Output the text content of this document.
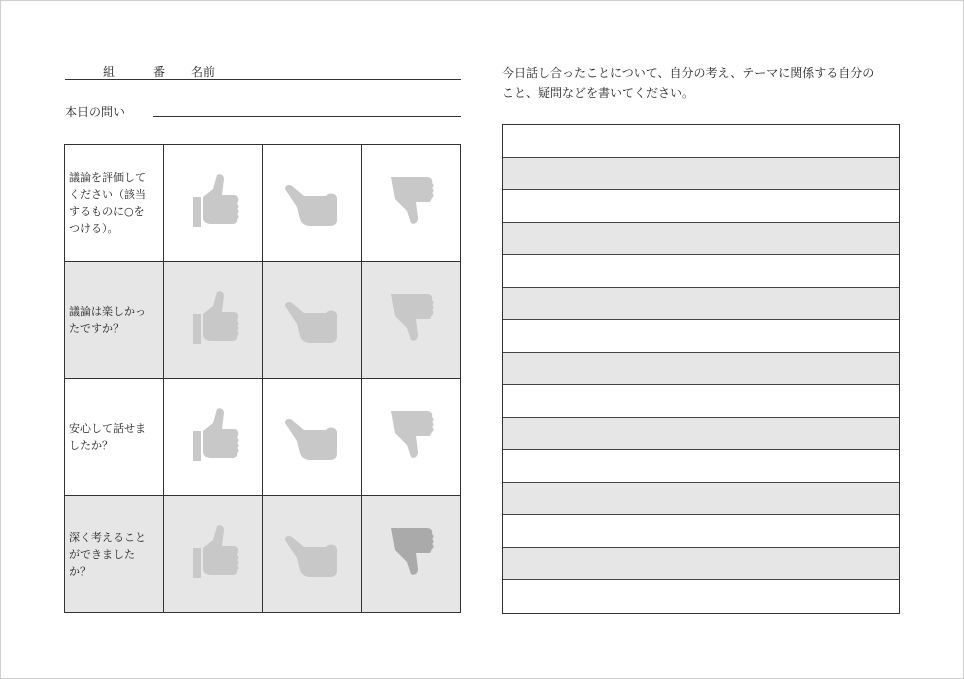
組	番 名前
本日の問い
議論を評価して
ください（該当
するものに○を
つける）。

議論は楽しかっ
たですか？

安心して話せま
したか？

深く考えること
ができました
か？

今日話し合ったことについて、自分の考え、テーマに関係する自分の
こと、疑問などを書いてください。
